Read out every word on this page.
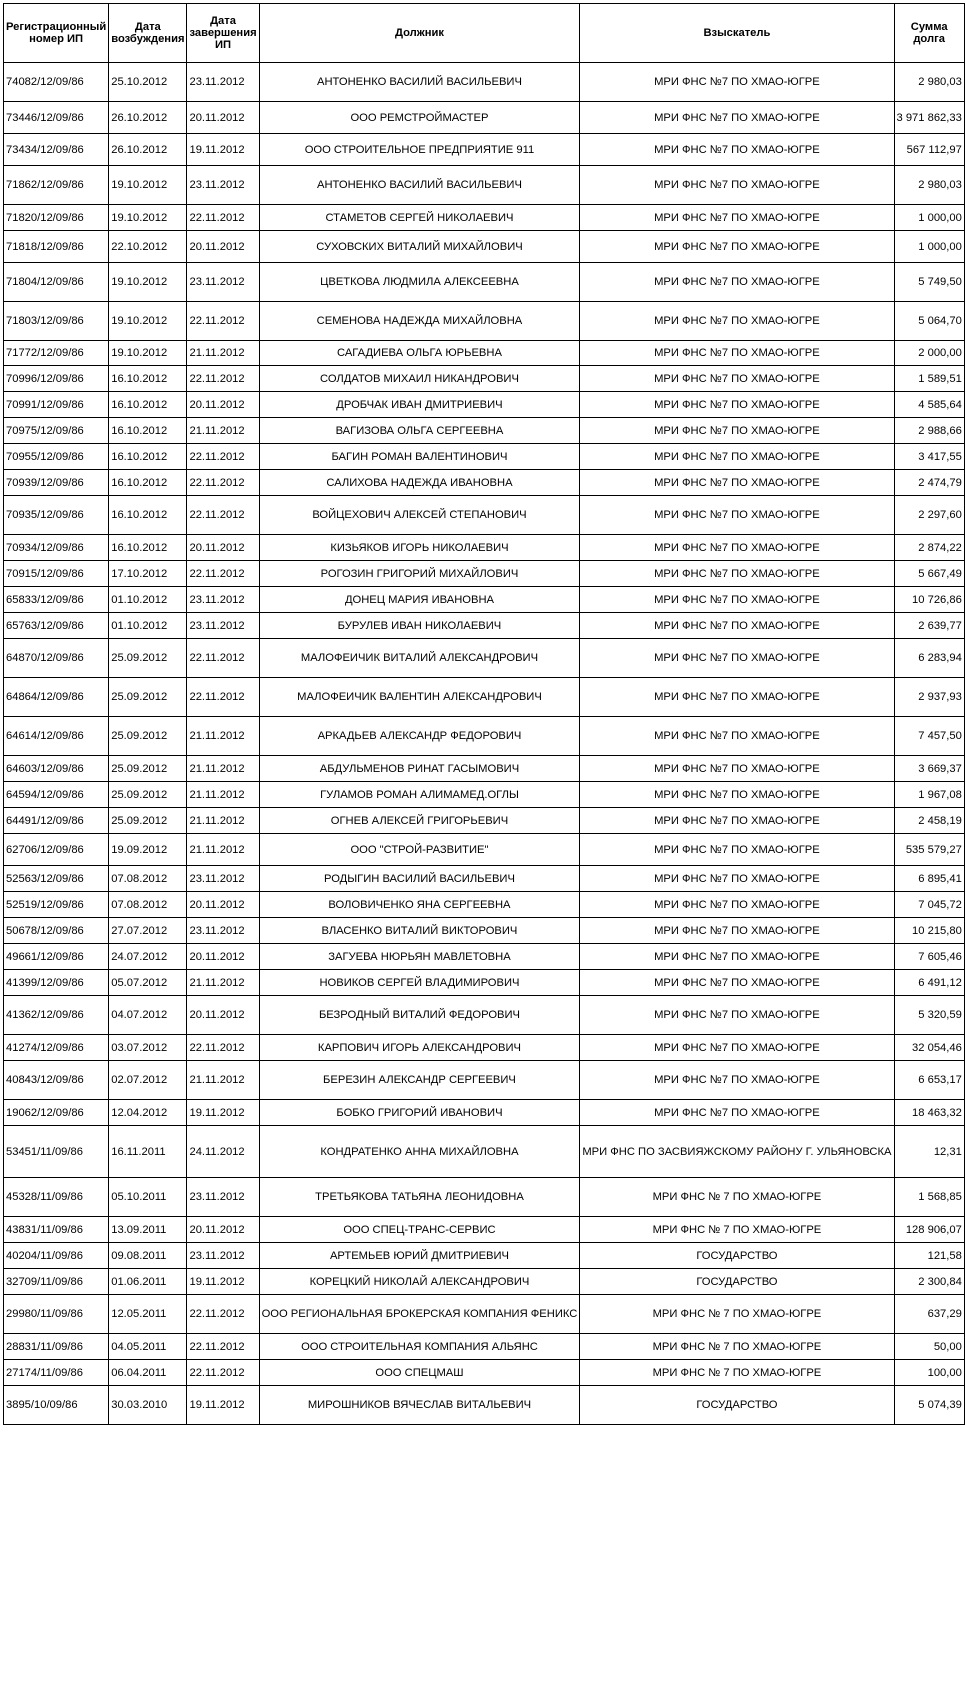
Регистрационный номер ИП	Дата возбуждения	Дата завершения ИП	Должник	Взыскатель	Сумма долга
74082/12/09/86	25.10.2012	23.11.2012	АНТОНЕНКО ВАСИЛИЙ ВАСИЛЬЕВИЧ	МРИ ФНС №7 ПО ХМАО-ЮГРЕ	2 980,03
73446/12/09/86	26.10.2012	20.11.2012	ООО РЕМСТРОЙМАСТЕР	МРИ ФНС №7 ПО ХМАО-ЮГРЕ	3 971 862,33
73434/12/09/86	26.10.2012	19.11.2012	ООО СТРОИТЕЛЬНОЕ ПРЕДПРИЯТИЕ 911	МРИ ФНС №7 ПО ХМАО-ЮГРЕ	567 112,97
71862/12/09/86	19.10.2012	23.11.2012	АНТОНЕНКО ВАСИЛИЙ ВАСИЛЬЕВИЧ	МРИ ФНС №7 ПО ХМАО-ЮГРЕ	2 980,03
71820/12/09/86	19.10.2012	22.11.2012	СТАМЕТОВ СЕРГЕЙ НИКОЛАЕВИЧ	МРИ ФНС №7 ПО ХМАО-ЮГРЕ	1 000,00
71818/12/09/86	22.10.2012	20.11.2012	СУХОВСКИХ ВИТАЛИЙ МИХАЙЛОВИЧ	МРИ ФНС №7 ПО ХМАО-ЮГРЕ	1 000,00
71804/12/09/86	19.10.2012	23.11.2012	ЦВЕТКОВА ЛЮДМИЛА АЛЕКСЕЕВНА	МРИ ФНС №7 ПО ХМАО-ЮГРЕ	5 749,50
71803/12/09/86	19.10.2012	22.11.2012	СЕМЕНОВА НАДЕЖДА МИХАЙЛОВНА	МРИ ФНС №7 ПО ХМАО-ЮГРЕ	5 064,70
71772/12/09/86	19.10.2012	21.11.2012	САГАДИЕВА ОЛЬГА ЮРЬЕВНА	МРИ ФНС №7 ПО ХМАО-ЮГРЕ	2 000,00
70996/12/09/86	16.10.2012	22.11.2012	СОЛДАТОВ МИХАИЛ НИКАНДРОВИЧ	МРИ ФНС №7 ПО ХМАО-ЮГРЕ	1 589,51
70991/12/09/86	16.10.2012	20.11.2012	ДРОБЧАК ИВАН ДМИТРИЕВИЧ	МРИ ФНС №7 ПО ХМАО-ЮГРЕ	4 585,64
70975/12/09/86	16.10.2012	21.11.2012	ВАГИЗОВА ОЛЬГА СЕРГЕЕВНА	МРИ ФНС №7 ПО ХМАО-ЮГРЕ	2 988,66
70955/12/09/86	16.10.2012	22.11.2012	БАГИН РОМАН ВАЛЕНТИНОВИЧ	МРИ ФНС №7 ПО ХМАО-ЮГРЕ	3 417,55
70939/12/09/86	16.10.2012	22.11.2012	САЛИХОВА НАДЕЖДА ИВАНОВНА	МРИ ФНС №7 ПО ХМАО-ЮГРЕ	2 474,79
70935/12/09/86	16.10.2012	22.11.2012	ВОЙЦЕХОВИЧ АЛЕКСЕЙ СТЕПАНОВИЧ	МРИ ФНС №7 ПО ХМАО-ЮГРЕ	2 297,60
70934/12/09/86	16.10.2012	20.11.2012	КИЗЬЯКОВ ИГОРЬ НИКОЛАЕВИЧ	МРИ ФНС №7 ПО ХМАО-ЮГРЕ	2 874,22
70915/12/09/86	17.10.2012	22.11.2012	РОГОЗИН ГРИГОРИЙ МИХАЙЛОВИЧ	МРИ ФНС №7 ПО ХМАО-ЮГРЕ	5 667,49
65833/12/09/86	01.10.2012	23.11.2012	ДОНЕЦ МАРИЯ ИВАНОВНА	МРИ ФНС №7 ПО ХМАО-ЮГРЕ	10 726,86
65763/12/09/86	01.10.2012	23.11.2012	БУРУЛЕВ ИВАН НИКОЛАЕВИЧ	МРИ ФНС №7 ПО ХМАО-ЮГРЕ	2 639,77
64870/12/09/86	25.09.2012	22.11.2012	МАЛОФЕИЧИК ВИТАЛИЙ АЛЕКСАНДРОВИЧ	МРИ ФНС №7 ПО ХМАО-ЮГРЕ	6 283,94
64864/12/09/86	25.09.2012	22.11.2012	МАЛОФЕИЧИК ВАЛЕНТИН АЛЕКСАНДРОВИЧ	МРИ ФНС №7 ПО ХМАО-ЮГРЕ	2 937,93
64614/12/09/86	25.09.2012	21.11.2012	АРКАДЬЕВ АЛЕКСАНДР ФЕДОРОВИЧ	МРИ ФНС №7 ПО ХМАО-ЮГРЕ	7 457,50
64603/12/09/86	25.09.2012	21.11.2012	АБДУЛЬМЕНОВ РИНАТ ГАСЫМОВИЧ	МРИ ФНС №7 ПО ХМАО-ЮГРЕ	3 669,37
64594/12/09/86	25.09.2012	21.11.2012	ГУЛАМОВ РОМАН АЛИМАМЕД.ОГЛЫ	МРИ ФНС №7 ПО ХМАО-ЮГРЕ	1 967,08
64491/12/09/86	25.09.2012	21.11.2012	ОГНЕВ АЛЕКСЕЙ ГРИГОРЬЕВИЧ	МРИ ФНС №7 ПО ХМАО-ЮГРЕ	2 458,19
62706/12/09/86	19.09.2012	21.11.2012	ООО "СТРОЙ-РАЗВИТИЕ"	МРИ ФНС №7 ПО ХМАО-ЮГРЕ	535 579,27
52563/12/09/86	07.08.2012	23.11.2012	РОДЫГИН ВАСИЛИЙ ВАСИЛЬЕВИЧ	МРИ ФНС №7 ПО ХМАО-ЮГРЕ	6 895,41
52519/12/09/86	07.08.2012	20.11.2012	ВОЛОВИЧЕНКО ЯНА СЕРГЕЕВНА	МРИ ФНС №7 ПО ХМАО-ЮГРЕ	7 045,72
50678/12/09/86	27.07.2012	23.11.2012	ВЛАСЕНКО ВИТАЛИЙ ВИКТОРОВИЧ	МРИ ФНС №7 ПО ХМАО-ЮГРЕ	10 215,80
49661/12/09/86	24.07.2012	20.11.2012	ЗАГУЕВА НЮРЬЯН МАВЛЕТОВНА	МРИ ФНС №7 ПО ХМАО-ЮГРЕ	7 605,46
41399/12/09/86	05.07.2012	21.11.2012	НОВИКОВ СЕРГЕЙ ВЛАДИМИРОВИЧ	МРИ ФНС №7 ПО ХМАО-ЮГРЕ	6 491,12
41362/12/09/86	04.07.2012	20.11.2012	БЕЗРОДНЫЙ ВИТАЛИЙ ФЕДОРОВИЧ	МРИ ФНС №7 ПО ХМАО-ЮГРЕ	5 320,59
41274/12/09/86	03.07.2012	22.11.2012	КАРПОВИЧ ИГОРЬ АЛЕКСАНДРОВИЧ	МРИ ФНС №7 ПО ХМАО-ЮГРЕ	32 054,46
40843/12/09/86	02.07.2012	21.11.2012	БЕРЕЗИН АЛЕКСАНДР СЕРГЕЕВИЧ	МРИ ФНС №7 ПО ХМАО-ЮГРЕ	6 653,17
19062/12/09/86	12.04.2012	19.11.2012	БОБКО ГРИГОРИЙ ИВАНОВИЧ	МРИ ФНС №7 ПО ХМАО-ЮГРЕ	18 463,32
53451/11/09/86	16.11.2011	24.11.2012	КОНДРАТЕНКО АННА МИХАЙЛОВНА	МРИ ФНС ПО ЗАСВИЯЖСКОМУ РАЙОНУ Г. УЛЬЯНОВСКА	12,31
45328/11/09/86	05.10.2011	23.11.2012	ТРЕТЬЯКОВА ТАТЬЯНА ЛЕОНИДОВНА	МРИ ФНС № 7 ПО ХМАО-ЮГРЕ	1 568,85
43831/11/09/86	13.09.2011	20.11.2012	ООО СПЕЦ-ТРАНС-СЕРВИС	МРИ ФНС № 7 ПО ХМАО-ЮГРЕ	128 906,07
40204/11/09/86	09.08.2011	23.11.2012	АРТЕМЬЕВ ЮРИЙ ДМИТРИЕВИЧ	ГОСУДАРСТВО	121,58
32709/11/09/86	01.06.2011	19.11.2012	КОРЕЦКИЙ НИКОЛАЙ АЛЕКСАНДРОВИЧ	ГОСУДАРСТВО	2 300,84
29980/11/09/86	12.05.2011	22.11.2012	ООО РЕГИОНАЛЬНАЯ БРОКЕРСКАЯ КОМПАНИЯ ФЕНИКС	МРИ ФНС № 7 ПО ХМАО-ЮГРЕ	637,29
28831/11/09/86	04.05.2011	22.11.2012	ООО СТРОИТЕЛЬНАЯ КОМПАНИЯ АЛЬЯНС	МРИ ФНС № 7 ПО ХМАО-ЮГРЕ	50,00
27174/11/09/86	06.04.2011	22.11.2012	ООО СПЕЦМАШ	МРИ ФНС № 7 ПО ХМАО-ЮГРЕ	100,00
3895/10/09/86	30.03.2010	19.11.2012	МИРОШНИКОВ ВЯЧЕСЛАВ ВИТАЛЬЕВИЧ	ГОСУДАРСТВО	5 074,39
